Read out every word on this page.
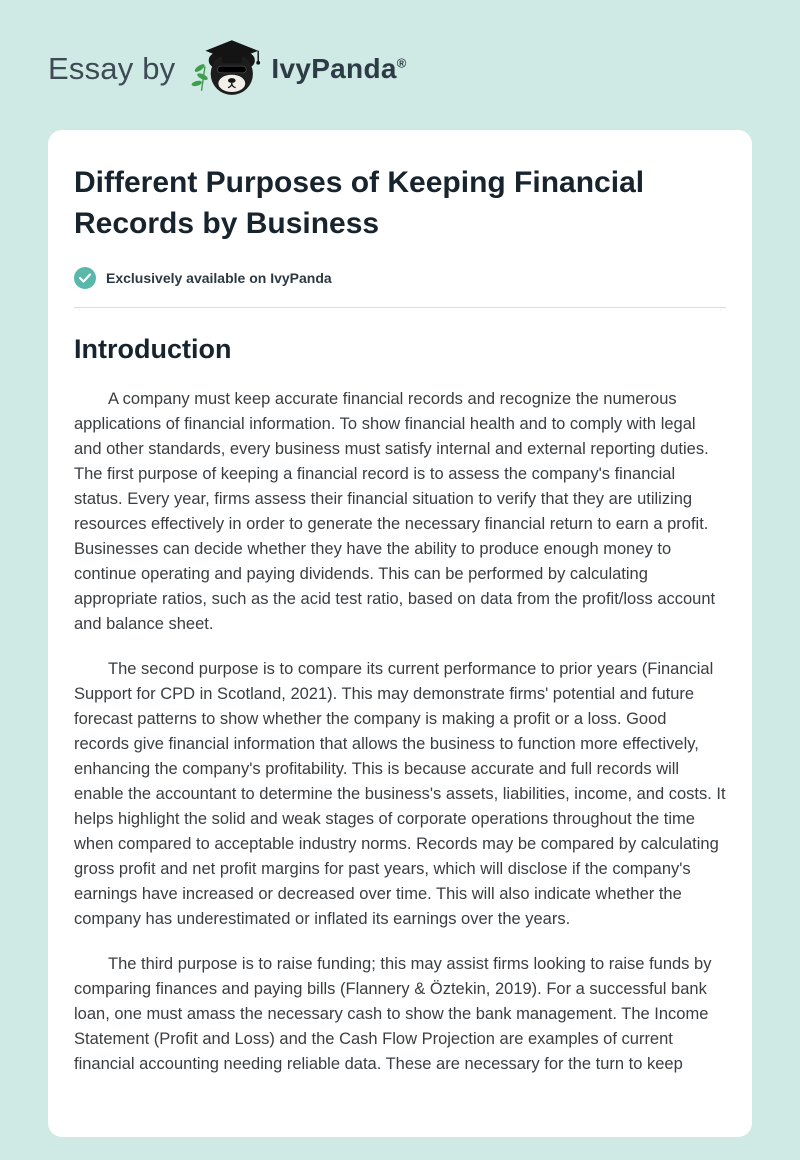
Essay by	IvyPanda®
Different Purposes of Keeping Financial Records by Business
Exclusively available on IvyPanda
Introduction

A company must keep accurate financial records and recognize the numerous applications of financial information. To show financial health and to comply with legal and other standards, every business must satisfy internal and external reporting duties. The first purpose of keeping a financial record is to assess the company's financial status. Every year, firms assess their financial situation to verify that they are utilizing resources effectively in order to generate the necessary financial return to earn a profit. Businesses can decide whether they have the ability to produce enough money to continue operating and paying dividends. This can be performed by calculating appropriate ratios, such as the acid test ratio, based on data from the profit/loss account and balance sheet.

The second purpose is to compare its current performance to prior years (Financial Support for CPD in Scotland, 2021). This may demonstrate firms' potential and future forecast patterns to show whether the company is making a profit or a loss. Good records give financial information that allows the business to function more effectively, enhancing the company's profitability. This is because accurate and full records will enable the accountant to determine the business's assets, liabilities, income, and costs. It helps highlight the solid and weak stages of corporate operations throughout the time when compared to acceptable industry norms. Records may be compared by calculating gross profit and net profit margins for past years, which will disclose if the company's earnings have increased or decreased over time. This will also indicate whether the company has underestimated or inflated its earnings over the years.

The third purpose is to raise funding; this may assist firms looking to raise funds by comparing finances and paying bills (Flannery & Öztekin, 2019). For a successful bank loan, one must amass the necessary cash to show the bank management. The Income Statement (Profit and Loss) and the Cash Flow Projection are examples of current financial accounting needing reliable data. These are necessary for the turn to keep
